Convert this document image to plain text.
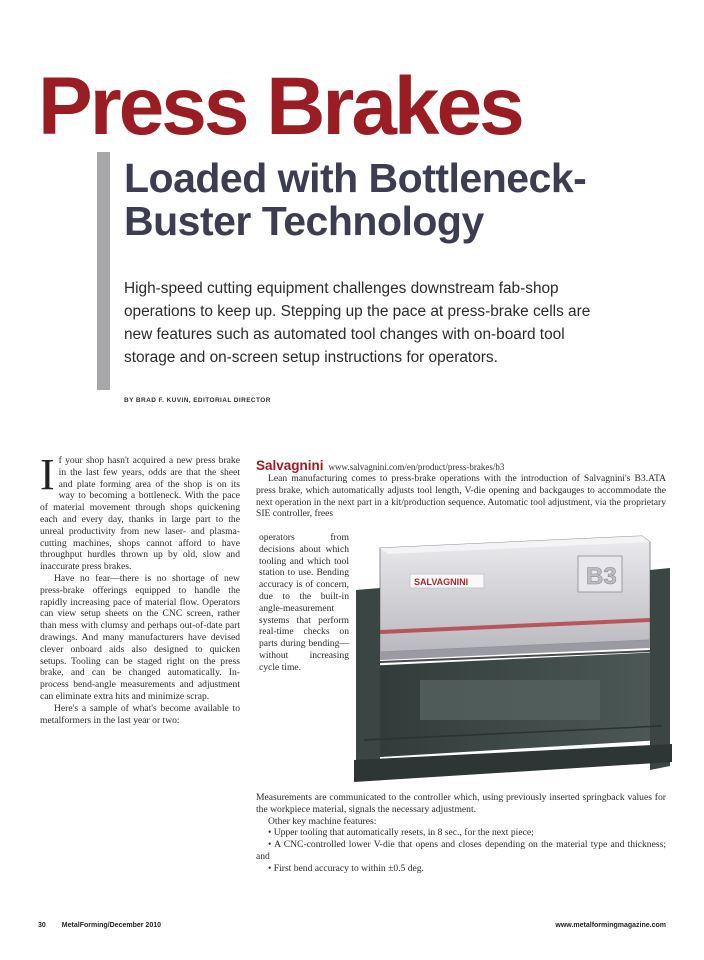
Press Brakes
Loaded with Bottleneck-
Buster Technology
High-speed cutting equipment challenges downstream fab-shop operations to keep up. Stepping up the pace at press-brake cells are new features such as automated tool changes with on-board tool storage and on-screen setup instructions for operators.
BY BRAD F. KUVIN, EDITORIAL DIRECTOR

If your shop hasn't acquired a new press brake in the last few years, odds are that the sheet and plate forming area of the shop is on its way to becoming a bottleneck. With the pace of material movement through shops quickening each and every day, thanks in large part to the unreal productivity from new laser- and plasma-cutting machines, shops cannot afford to have throughput hurdles thrown up by old, slow and inaccurate press brakes.

Have no fear—there is no shortage of new press-brake offerings equipped to handle the rapidly increasing pace of material flow. Operators can view setup sheets on the CNC screen, rather than mess with clumsy and perhaps out-of-date part drawings. And many manufacturers have devised clever onboard aids also designed to quicken setups. Tooling can be staged right on the press brake, and can be changed automatically. In-process bend-angle measurements and adjustment can eliminate extra hits and minimize scrap.

Here's a sample of what's become available to metalformers in the last year or two:

Salvagnini www.salvagnini.com/en/product/press-brakes/b3

Lean manufacturing comes to press-brake operations with the introduction of Salvagnini's B3.ATA press brake, which automatically adjusts tool length, V-die opening and backgauges to accommodate the next operation in the next part in a kit/production sequence. Automatic tool adjustment, via the proprietary SIE controller, frees

operators from decisions about which tooling and which tool station to use. Bending accuracy is of concern, due to the built-in angle-measurement systems that perform real-time checks on parts during bending—without increasing cycle time.
SALVAGNINI	B3

Measurements are communicated to the controller which, using previously inserted springback values for the workpiece material, signals the necessary adjustment.

Other key machine features:

• Upper tooling that automatically resets, in 8 sec., for the next piece;

• A CNC-controlled lower V-die that opens and closes depending on the material type and thickness; and

• First bend accuracy to within ±0.5 deg.

30 MetalForming/December 2010	www.metalformingmagazine.com
